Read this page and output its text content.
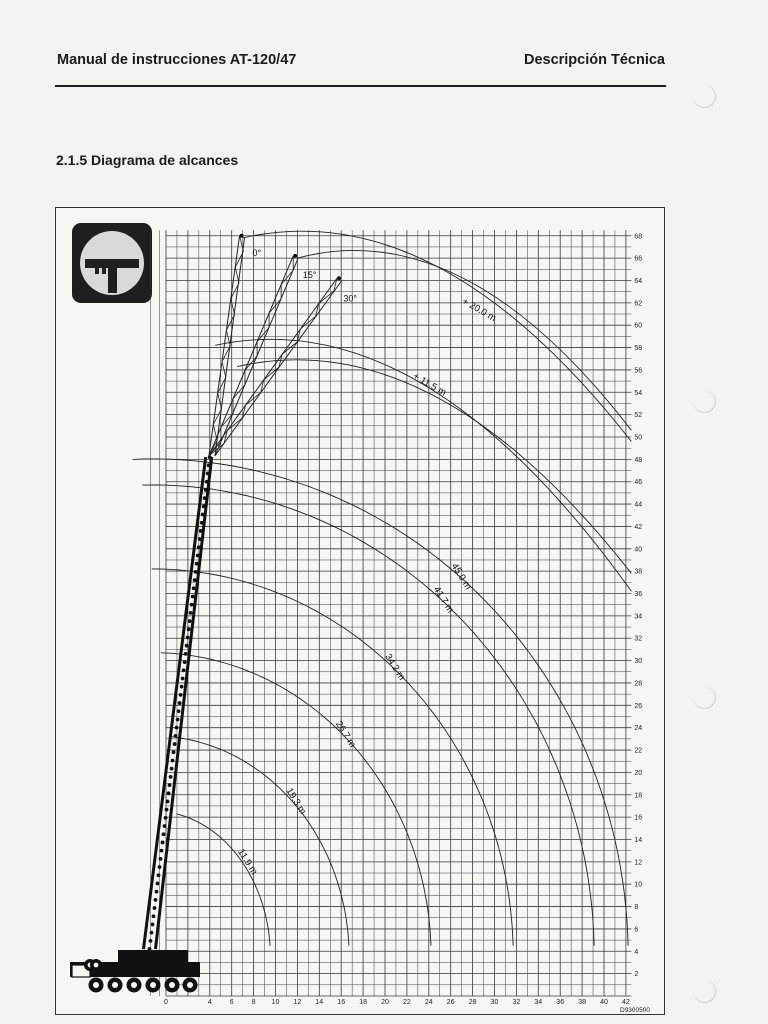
Manual de instrucciones AT-120/47	Descripción Técnica
2.1.5 Diagrama de alcances
0	4	6	8 10 12 14 16 18 20 22 24 26 28 30 32 34 36 38 40 42
2
4
6
8
10
12
14
16
18
20
22
24
26
28
30
32
34
36
38
40
42
44
46
48
50
52
54
56
58
60
62
64
66
68
D9300500
11.9 m
19.3 m
26.7 m
34.2 m
41.7 m
45.0 m
+ 11.5 m
+ 20.0 m
0°
15°
30°
